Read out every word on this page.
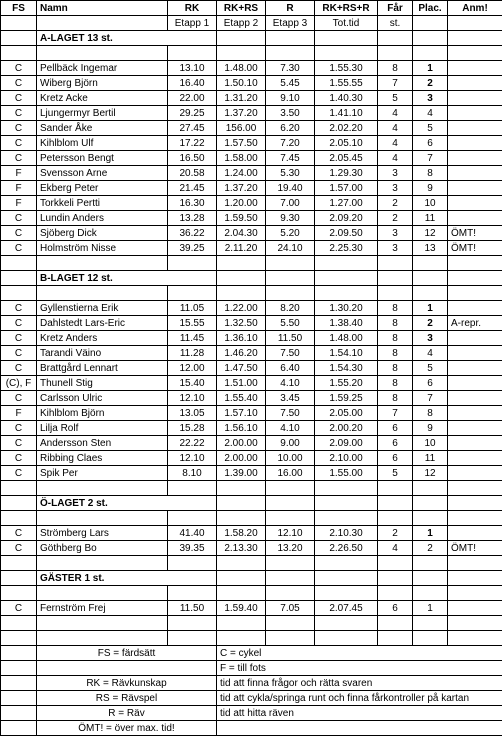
FS	Namn	RK	RK+RS	R	RK+RS+R	Får	Plac.	Anm!
		Etapp 1	Etapp 2	Etapp 3	Tot.tid	st.		
	A-LAGET 13 st.							

C	Pellbäck Ingemar	13.10	1.48.00	7.30	1.55.30	8	1	
C	Wiberg Björn	16.40	1.50.10	5.45	1.55.55	7	2	
C	Kretz Acke	22.00	1.31.20	9.10	1.40.30	5	3	
C	Ljungermyr Bertil	29.25	1.37.20	3.50	1.41.10	4	4	
C	Sander Åke	27.45	156.00	6.20	2.02.20	4	5	
C	Kihlblom Ulf	17.22	1.57.50	7.20	2.05.10	4	6	
C	Petersson Bengt	16.50	1.58.00	7.45	2.05.45	4	7	
F	Svensson Arne	20.58	1.24.00	5.30	1.29.30	3	8	
F	Ekberg Peter	21.45	1.37.20	19.40	1.57.00	3	9	
F	Torkkeli Pertti	16.30	1.20.00	7.00	1.27.00	2	10	
C	Lundin Anders	13.28	1.59.50	9.30	2.09.20	2	11	
C	Sjöberg Dick	36.22	2.04.30	5.20	2.09.50	3	12	ÖMT!
C	Holmström Nisse	39.25	2.11.20	24.10	2.25.30	3	13	ÖMT!

	B-LAGET 12 st.							

C	Gyllenstierna Erik	11.05	1.22.00	8.20	1.30.20	8	1	
C	Dahlstedt Lars-Eric	15.55	1.32.50	5.50	1.38.40	8	2	A-repr.
C	Kretz Anders	11.45	1.36.10	11.50	1.48.00	8	3	
C	Tarandi Väino	11.28	1.46.20	7.50	1.54.10	8	4	
C	Brattgård Lennart	12.00	1.47.50	6.40	1.54.30	8	5	
(C), F	Thunell Stig	15.40	1.51.00	4.10	1.55.20	8	6	
C	Carlsson Ulric	12.10	1.55.40	3.45	1.59.25	8	7	
F	Kihlblom Björn	13.05	1.57.10	7.50	2.05.00	7	8	
C	Lilja Rolf	15.28	1.56.10	4.10	2.00.20	6	9	
C	Andersson Sten	22.22	2.00.00	9.00	2.09.00	6	10	
C	Ribbing Claes	12.10	2.00.00	10.00	2.10.00	6	11	
C	Spik Per	8.10	1.39.00	16.00	1.55.00	5	12	

	Ö-LAGET 2 st.							

C	Strömberg Lars	41.40	1.58.20	12.10	2.10.30	2	1	
C	Göthberg Bo	39.35	2.13.30	13.20	2.26.50	4	2	ÖMT!

	GÄSTER 1 st.							

C	Fernström Frej	11.50	1.59.40	7.05	2.07.45	6	1	

	FS = färdsätt		C = cykel					
			F = till fots					
	RK = Rävkunskap		tid att finna frågor och rätta svaren					
	RS = Rävspel		tid att cykla/springa runt och finna fårkontroller på kartan					
	R = Räv		tid att hitta räven					
	ÖMT! = över max. tid!							
